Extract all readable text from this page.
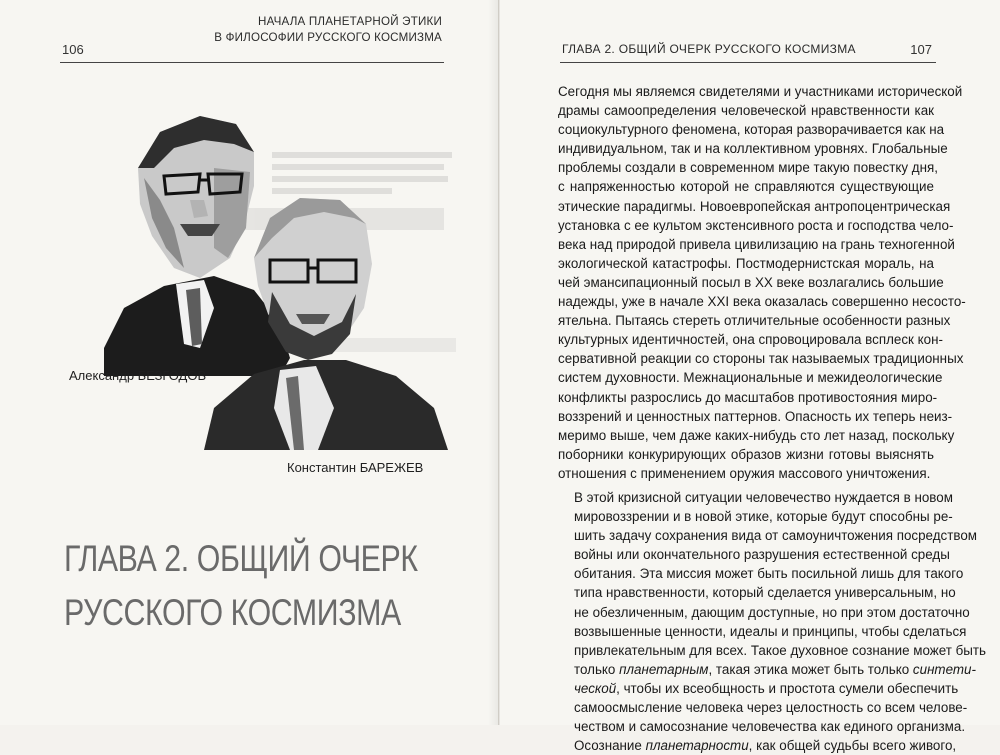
106
НАЧАЛА ПЛАНЕТАРНОЙ ЭТИКИ
В ФИЛОСОФИИ РУССКОГО КОСМИЗМА
Александр БЕЗГОДОВ
Константин БАРЕЖЕВ
ГЛАВА 2. ОБЩИЙ ОЧЕРК
РУССКОГО КОСМИЗМА
ГЛАВА 2. ОБЩИЙ ОЧЕРК РУССКОГО КОСМИЗМА	107
Сегодня мы являемся свидетелями и участниками исторической
драмы самоопределения человеческой нравственности как
социокультурного феномена, которая разворачивается как на
индивидуальном, так и на коллективном уровнях. Глобальные
проблемы создали в современном мире такую повестку дня,
с напряженностью которой не справляются существующие
этические парадигмы. Новоевропейская антропоцентрическая
установка с ее культом экстенсивного роста и господства чело-
века над природой привела цивилизацию на грань техногенной
экологической катастрофы. Постмодернистская мораль, на
чей эмансипационный посыл в XX веке возлагались большие
надежды, уже в начале XXI века оказалась совершенно несосто-
ятельна. Пытаясь стереть отличительные особенности разных
культурных идентичностей, она спровоцировала всплеск кон-
сервативной реакции со стороны так называемых традиционных
систем духовности. Межнациональные и межидеологические
конфликты разрослись до масштабов противостояния миро-
воззрений и ценностных паттернов. Опасность их теперь неиз-
меримо выше, чем даже каких-нибудь сто лет назад, поскольку
поборники конкурирующих образов жизни готовы выяснять
отношения с применением оружия массового уничтожения.
В этой кризисной ситуации человечество нуждается в новом
мировоззрении и в новой этике, которые будут способны ре-
шить задачу сохранения вида от самоуничтожения посредством
войны или окончательного разрушения естественной среды
обитания. Эта миссия может быть посильной лишь для такого
типа нравственности, который сделается универсальным, но
не обезличенным, дающим доступные, но при этом достаточно
возвышенные ценности, идеалы и принципы, чтобы сделаться
привлекательным для всех. Такое духовное сознание может быть
только планетарным, такая этика может быть только синтети-
ческой, чтобы их всеобщность и простота сумели обеспечить
самоосмысление человека через целостность со всем челове-
чеством и самосознание человечества как единого организма.
Осознание планетарности, как общей судьбы всего живого,
